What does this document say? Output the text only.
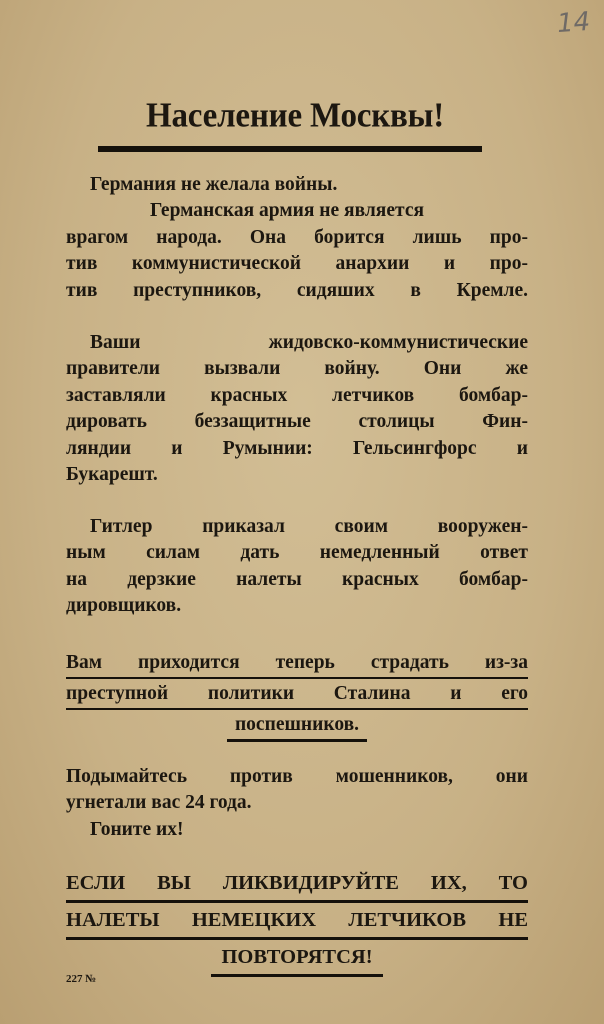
14
Население Москвы!
Германия не желала войны.
Германская армия не является
врагом народа. Она борится лишь про-
тив коммунистической анархии и про-
тив преступников, сидяших в Кремле.
Ваши жидовско-коммунистические
правители вызвали войну. Они же
заставляли красных летчиков бомбар-
дировать беззащитные столицы Фин-
ляндии и Румынии: Гельсингфорс и
Букарешт.
Гитлер приказал своим вооружен-
ным силам дать немедленный ответ
на дерзкие налеты красных бомбар-
дировщиков.
Вам приходится теперь страдать из-за
преступной политики Сталина и его
поспешников.
Подымайтесь против мошенников, они
угнетали вас 24 года.
Гоните их!
ЕСЛИ ВЫ ЛИКВИДИРУЙТЕ ИХ, ТО
НАЛЕТЫ НЕМЕЦКИХ ЛЕТЧИКОВ НЕ
ПОВТОРЯТСЯ!
227 №
